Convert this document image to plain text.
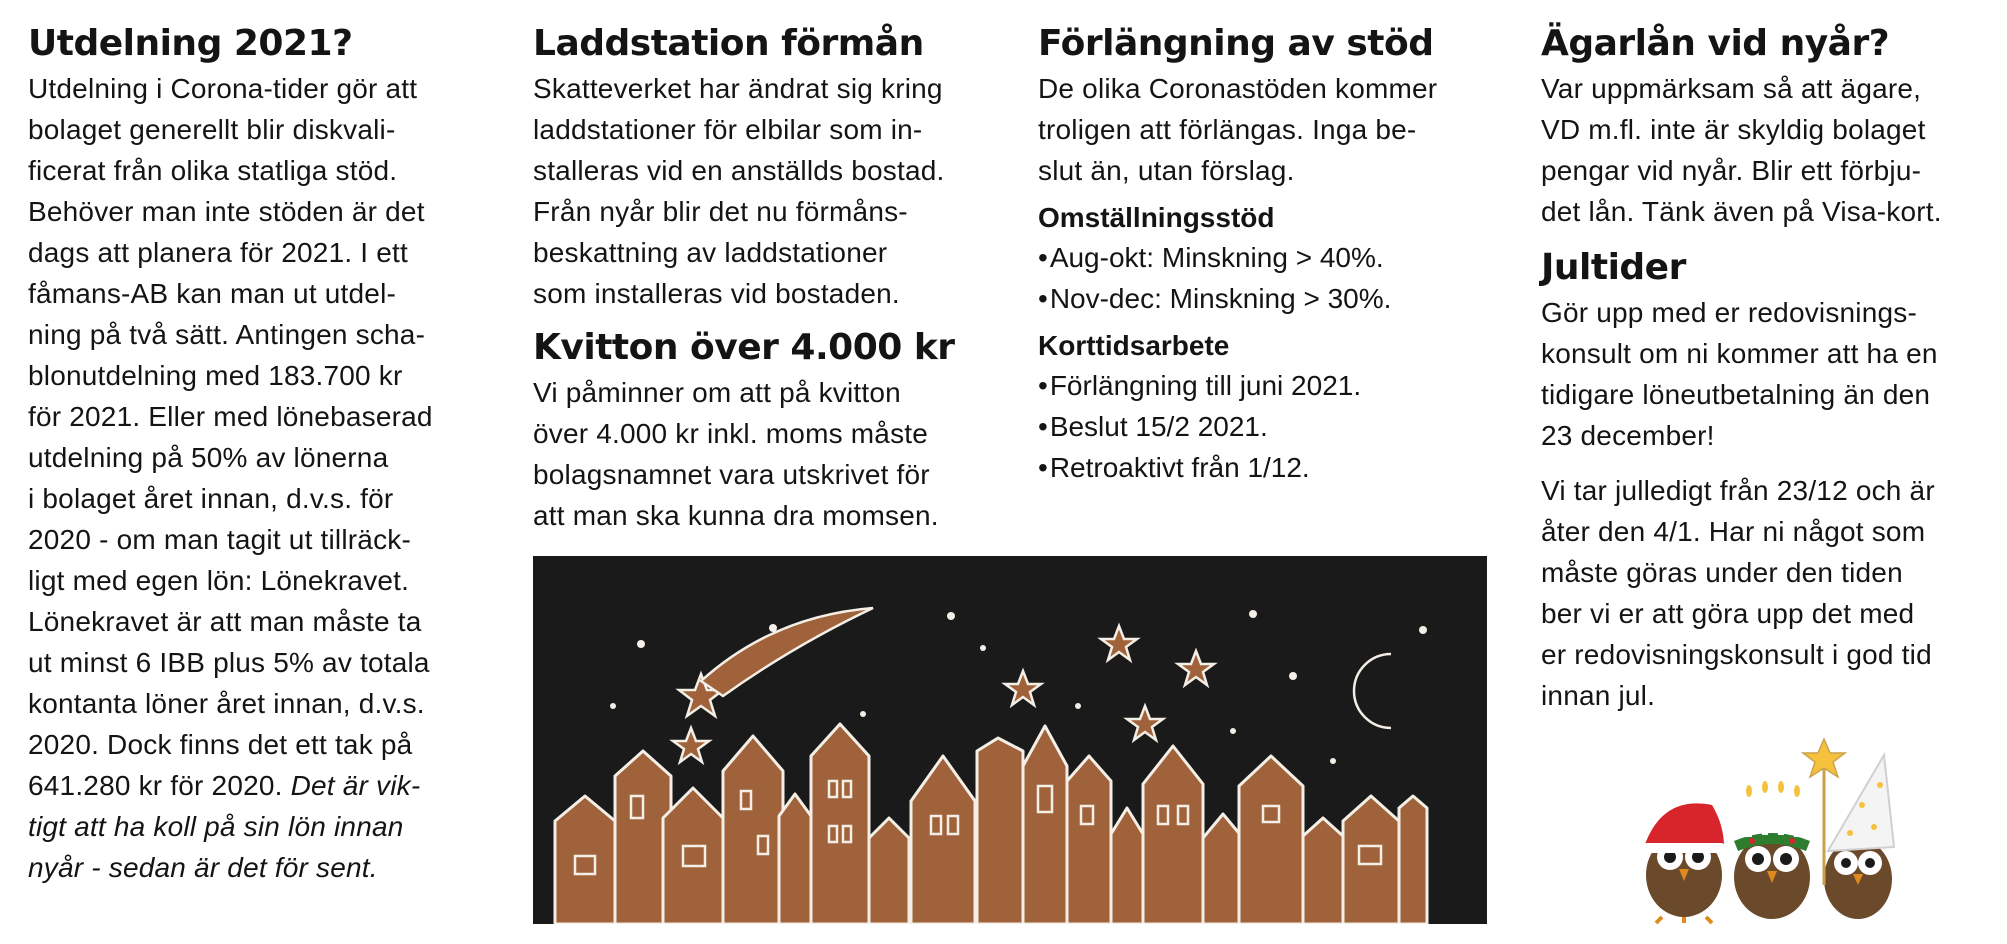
Utdelning 2021?

Utdelning i Corona-tider gör att
bolaget generellt blir diskvali-
ficerat från olika statliga stöd.
Behöver man inte stöden är det
dags att planera för 2021. I ett
fåmans-AB kan man ut utdel-
ning på två sätt. Antingen scha-
blonutdelning med 183.700 kr
för 2021. Eller med lönebaserad
utdelning på 50% av lönerna
i bolaget året innan, d.v.s. för
2020 - om man tagit ut tillräck-
ligt med egen lön: Lönekravet.
Lönekravet är att man måste ta
ut minst 6 IBB plus 5% av totala
kontanta löner året innan, d.v.s.
2020. Dock finns det ett tak på
641.280 kr för 2020. Det är vik-
tigt att ha koll på sin lön innan
nyår - sedan är det för sent.

Laddstation förmån

Skatteverket har ändrat sig kring
laddstationer för elbilar som in-
stalleras vid en anställds bostad.
Från nyår blir det nu förmåns-
beskattning av laddstationer
som installeras vid bostaden.

Kvitton över 4.000 kr

Vi påminner om att på kvitton
över 4.000 kr inkl. moms måste
bolagsnamnet vara utskrivet för
att man ska kunna dra momsen.

Förlängning av stöd

De olika Coronastöden kommer
troligen att förlängas. Inga be-
slut än, utan förslag.

Omställningsstöd
• Aug-okt: Minskning > 40%.
• Nov-dec: Minskning > 30%.
Korttidsarbete
• Förlängning till juni 2021.
• Beslut 15/2 2021.
• Retroaktivt från 1/12.
Ägarlån vid nyår?

Var uppmärksam så att ägare,
VD m.fl. inte är skyldig bolaget
pengar vid nyår. Blir ett förbju-
det lån. Tänk även på Visa-kort.

Jultider

Gör upp med er redovisnings-
konsult om ni kommer att ha en
tidigare löneutbetalning än den
23 december!

Vi tar julledigt från 23/12 och är
åter den 4/1. Har ni något som
måste göras under den tiden
ber vi er att göra upp det med
er redovisningskonsult i god tid
innan jul.
